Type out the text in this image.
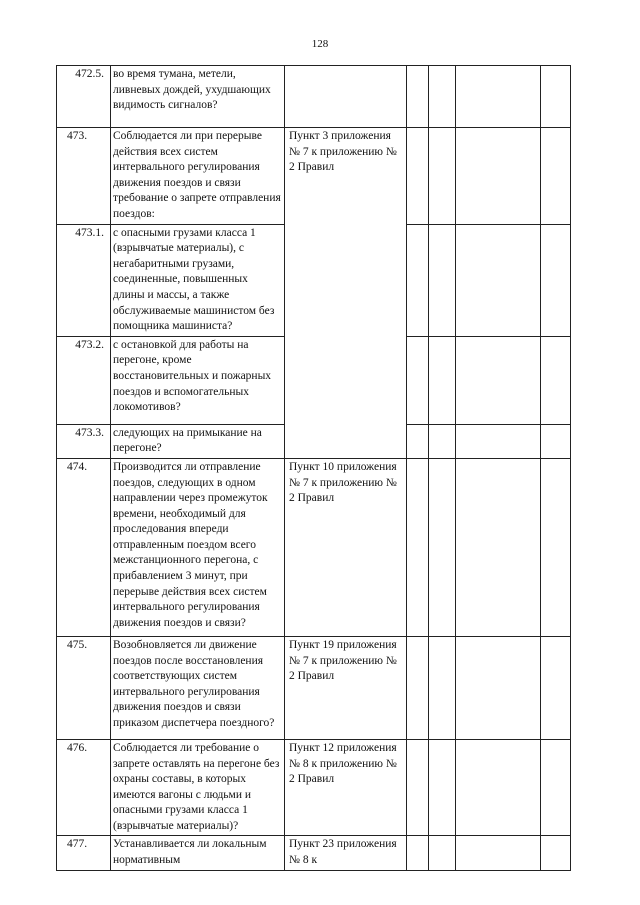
128
472.5.	во время тумана, метели, ливневых дождей, ухудшающих видимость сигналов?					
473.	Соблюдается ли при перерыве действия всех систем интервального регулирования движения поездов и связи требование о запрете отправления поездов:	Пункт 3 приложения № 7 к приложению № 2 Правил				
473.1.	с опасными грузами класса 1 (взрывчатые материалы), с негабаритными грузами, соединенные, повышенных длины и массы, а также обслуживаемые машинистом без помощника машиниста?					
473.2.	с остановкой для работы на перегоне, кроме восстановительных и пожарных поездов и вспомогательных локомотивов?					
473.3.	следующих на примыкание на перегоне?					
474.	Производится ли отправление поездов, следующих в одном направлении через промежуток времени, необходимый для проследования впереди отправленным поездом всего межстанционного перегона, с прибавлением 3 минут, при перерыве действия всех систем интервального регулирования движения поездов и связи?	Пункт 10 приложения № 7 к приложению № 2 Правил				
475.	Возобновляется ли движение поездов после восстановления соответствующих систем интервального регулирования движения поездов и связи приказом диспетчера поездного?	Пункт 19 приложения № 7 к приложению № 2 Правил				
476.	Соблюдается ли требование о запрете оставлять на перегоне без охраны составы, в которых имеются вагоны с людьми и опасными грузами класса 1 (взрывчатые материалы)?	Пункт 12 приложения № 8 к приложению № 2 Правил				
477.	Устанавливается ли локальным нормативным	Пункт 23 приложения № 8 к				
